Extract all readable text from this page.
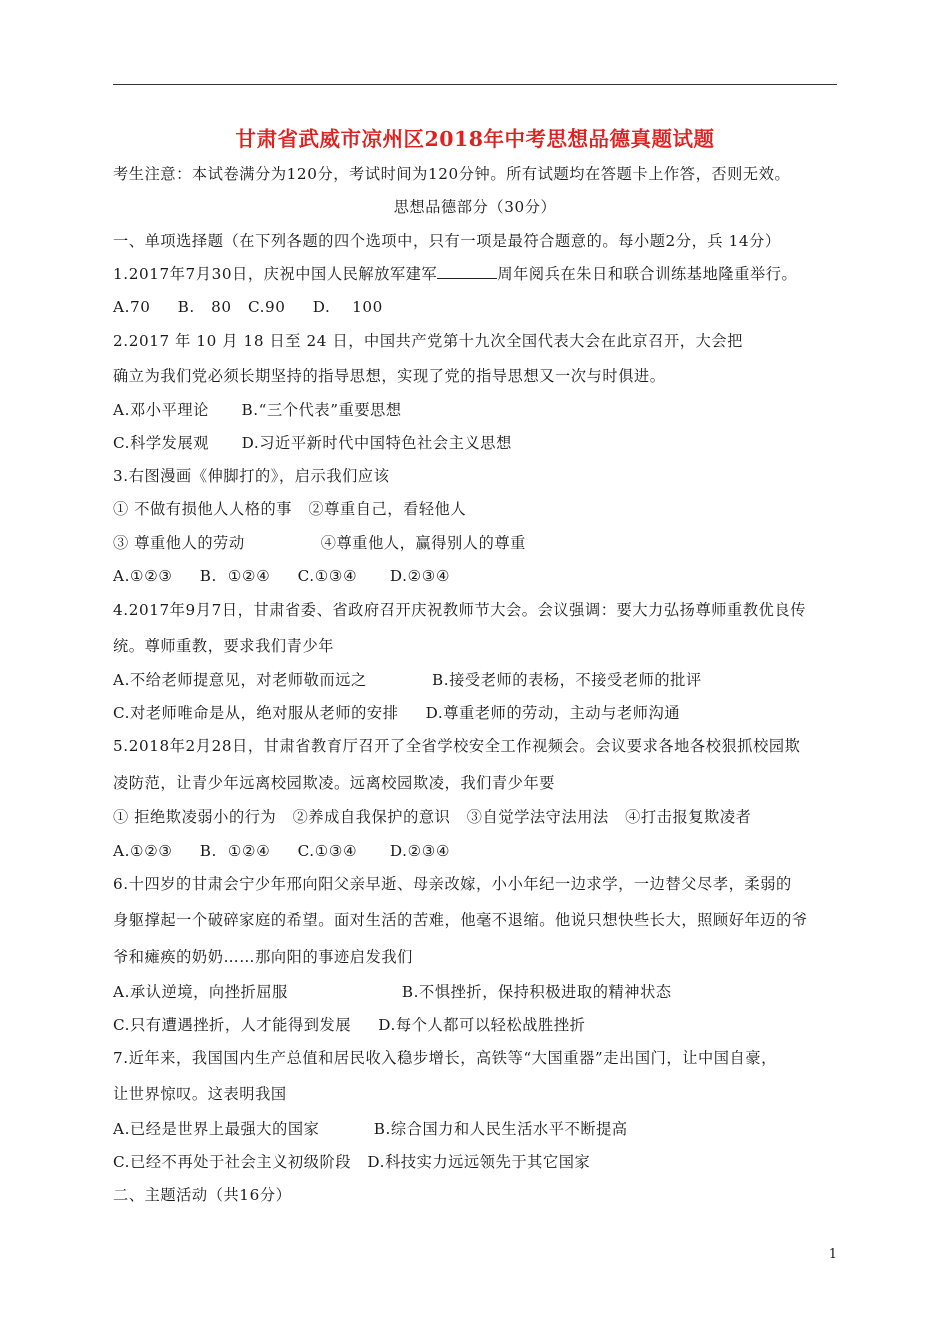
甘肃省武威市凉州区2018年中考思想品德真题试题
考生注意：本试卷满分为120分，考试时间为120分钟。所有试题均在答题卡上作答，否则无效。
思想品德部分（30分）
一、单项选择题（在下列各题的四个选项中，只有一项是最符合题意的。每小题2分，兵 14分）
1.2017年7月30日，庆祝中国人民解放军建军	周年阅兵在朱日和联合训练基地隆重举行。
A.70     B.   80   C.90     D.    100
2.2017 年 10 月 18 日至 24 日，中国共产党第十九次全国代表大会在此京召开，大会把
确立为我们党必须长期坚持的指导思想，实现了党的指导思想又一次与时俱进。
A.邓小平理论      B.“三个代表”重要思想
C.科学发展观      D.习近平新时代中国特色社会主义思想
3.右图漫画《伸脚打的》，启示我们应该
① 不做有损他人人格的事   ②尊重自己，看轻他人
③ 尊重他人的劳动              ④尊重他人，赢得别人的尊重
A.①②③     B.  ①②④     C.①③④      D.②③④
4.2017年9月7日，甘肃省委、省政府召开庆祝教师节大会。会议强调：要大力弘扬尊师重教优良传
统。尊师重教，要求我们青少年
A.不给老师提意见，对老师敬而远之            B.接受老师的表杨，不接受老师的批评
C.对老师唯命是从，绝对服从老师的安排     D.尊重老师的劳动，主动与老师沟通
5.2018年2月28日，甘肃省教育厅召开了全省学校安全工作视频会。会议要求各地各校狠抓校园欺
凌防范，让青少年远离校园欺凌。远离校园欺凌，我们青少年要
① 拒绝欺凌弱小的行为   ②养成自我保护的意识   ③自觉学法守法用法   ④打击报复欺凌者
A.①②③     B.  ①②④     C.①③④      D.②③④
6.十四岁的甘肃会宁少年邢向阳父亲早逝、母亲改嫁，小小年纪一边求学，一边替父尽孝，柔弱的
身躯撑起一个破碎家庭的希望。面对生活的苦难，他毫不退缩。他说只想快些长大，照顾好年迈的爷
爷和瘫痪的奶奶……那向阳的事迹启发我们
A.承认逆境，向挫折屈服                     B.不惧挫折，保持积极进取的精神状态
C.只有遭遇挫折，人才能得到发展     D.每个人都可以轻松战胜挫折
7.近年来，我国国内生产总值和居民收入稳步增长，高铁等“大国重器”走出国门，让中国自豪，
让世界惊叹。这表明我国
A.已经是世界上最强大的国家          B.综合国力和人民生活水平不断提高
C.已经不再处于社会主义初级阶段   D.科技实力远远领先于其它国家
二、主题活动（共16分）
1
